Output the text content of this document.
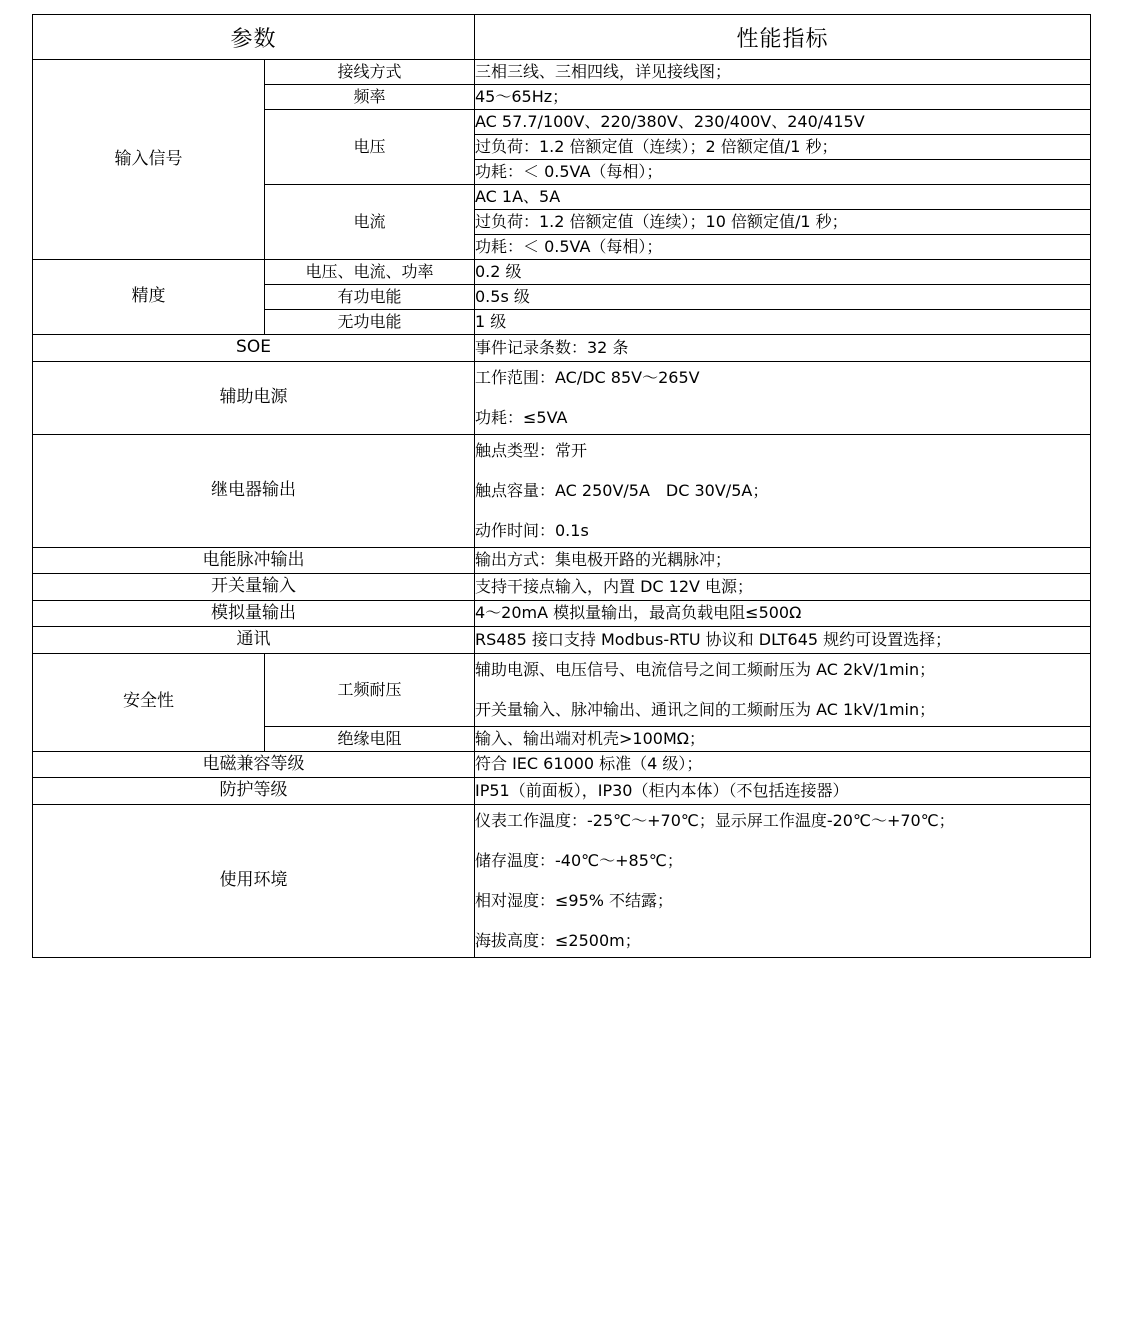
参数		性能指标
输入信号	接线方式	三相三线、三相四线，详见接线图；
	频率	45～65Hz；
	电压	AC 57.7/100V、220/380V、230/400V、240/415V
		过负荷：1.2 倍额定值（连续）；2 倍额定值/1 秒；
		功耗：＜ 0.5VA（每相）；
	电流	AC 1A、5A
		过负荷：1.2 倍额定值（连续）；10 倍额定值/1 秒；
		功耗：＜ 0.5VA（每相）；
精度	电压、电流、功率	0.2 级
	有功电能	0.5s 级
	无功电能	1 级
SOE		事件记录条数：32 条
辅助电源		工作范围：AC/DC 85V～265V
功耗：≤5VA

继电器输出		触点类型：常开
触点容量：AC 250V/5A　DC 30V/5A；
动作时间：0.1s

电能脉冲输出		输出方式：集电极开路的光耦脉冲；
开关量输入		支持干接点输入，内置 DC 12V 电源；
模拟量输出		4～20mA 模拟量输出，最高负载电阻≤500Ω
通讯		RS485 接口支持 Modbus-RTU 协议和 DLT645 规约可设置选择；
安全性	工频耐压	辅助电源、电压信号、电流信号之间工频耐压为 AC 2kV/1min；
开关量输入、脉冲输出、通讯之间的工频耐压为 AC 1kV/1min；

	绝缘电阻	输入、输出端对机壳>100MΩ；
电磁兼容等级		符合 IEC 61000 标准（4 级）；
防护等级		IP51（前面板），IP30（柜内本体）（不包括连接器）
使用环境		仪表工作温度：-25℃～+70℃；显示屏工作温度-20℃～+70℃；
储存温度：-40℃～+85℃；
相对湿度：≤95% 不结露；
海拔高度：≤2500m；
